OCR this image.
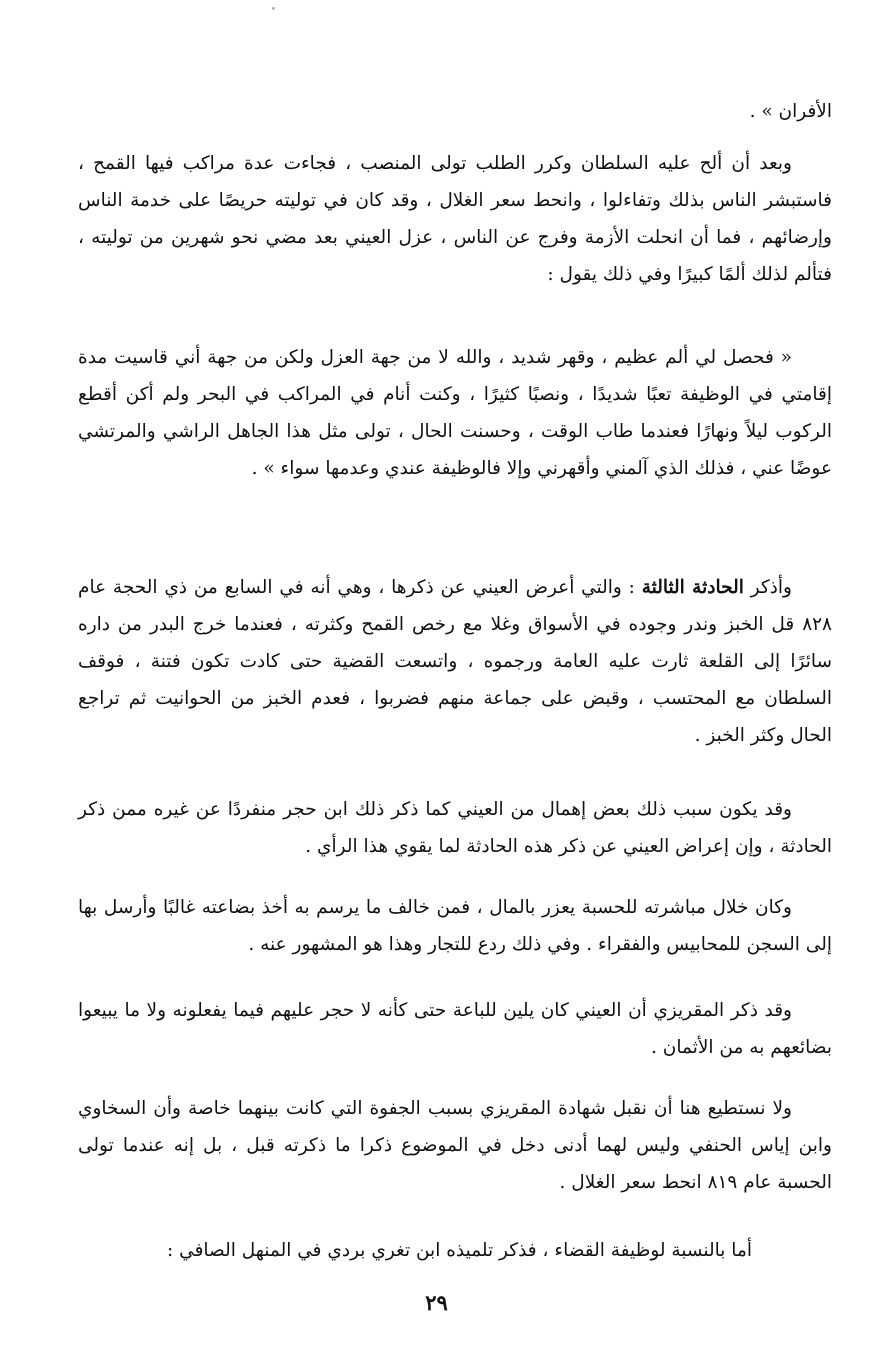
الأفران » .

وبعد أن ألح عليه السلطان وكرر الطلب تولى المنصب ، فجاءت عدة مراكب فيها القمح ، فاستبشر الناس بذلك وتفاءلوا ، وانحط سعر الغلال ، وقد كان في توليته حريصًا على خدمة الناس وإرضائهم ، فما أن انحلت الأزمة وفرج عن الناس ، عزل العيني بعد مضي نحو شهرين من توليته ، فتألم لذلك ألمًا كبيرًا وفي ذلك يقول :

« فحصل لي ألم عظيم ، وقهر شديد ، والله لا من جهة العزل ولكن من جهة أني قاسيت مدة إقامتي في الوظيفة تعبًا شديدًا ، ونصبًا كثيرًا ، وكنت أنام في المراكب في البحر ولم أكن أقطع الركوب ليلاً ونهارًا فعندما طاب الوقت ، وحسنت الحال ، تولى مثل هذا الجاهل الراشي والمرتشي عوضًا عني ، فذلك الذي آلمني وأقهرني وإلا فالوظيفة عندي وعدمها سواء » .

وأذكر الحادثة الثالثة : والتي أعرض العيني عن ذكرها ، وهي أنه في السابع من ذي الحجة عام ٨٢٨ قل الخبز وندر وجوده في الأسواق وغلا مع رخص القمح وكثرته ، فعندما خرج البدر من داره سائرًا إلى القلعة ثارت عليه العامة ورجموه ، واتسعت القضية حتى كادت تكون فتنة ، فوقف السلطان مع المحتسب ، وقبض على جماعة منهم فضربوا ، فعدم الخبز من الحوانيت ثم تراجع الحال وكثر الخبز .

وقد يكون سبب ذلك بعض إهمال من العيني كما ذكر ذلك ابن حجر منفردًا عن غيره ممن ذكر الحادثة ، وإن إعراض العيني عن ذكر هذه الحادثة لما يقوي هذا الرأي .

وكان خلال مباشرته للحسبة يعزر بالمال ، فمن خالف ما يرسم به أخذ بضاعته غالبًا وأرسل بها إلى السجن للمحابيس والفقراء . وفي ذلك ردع للتجار وهذا هو المشهور عنه .

وقد ذكر المقريزي أن العيني كان يلين للباعة حتى كأنه لا حجر عليهم فيما يفعلونه ولا ما يبيعوا بضائعهم به من الأثمان .

ولا نستطيع هنا أن نقبل شهادة المقريزي بسبب الجفوة التي كانت بينهما خاصة وأن السخاوي وابن إياس الحنفي وليس لهما أدنى دخل في الموضوع ذكرا ما ذكرته قبل ، بل إنه عندما تولى الحسبة عام ٨١٩ انحط سعر الغلال .

أما بالنسبة لوظيفة القضاء ، فذكر تلميذه ابن تغري بردي في المنهل الصافي :

٢٩
